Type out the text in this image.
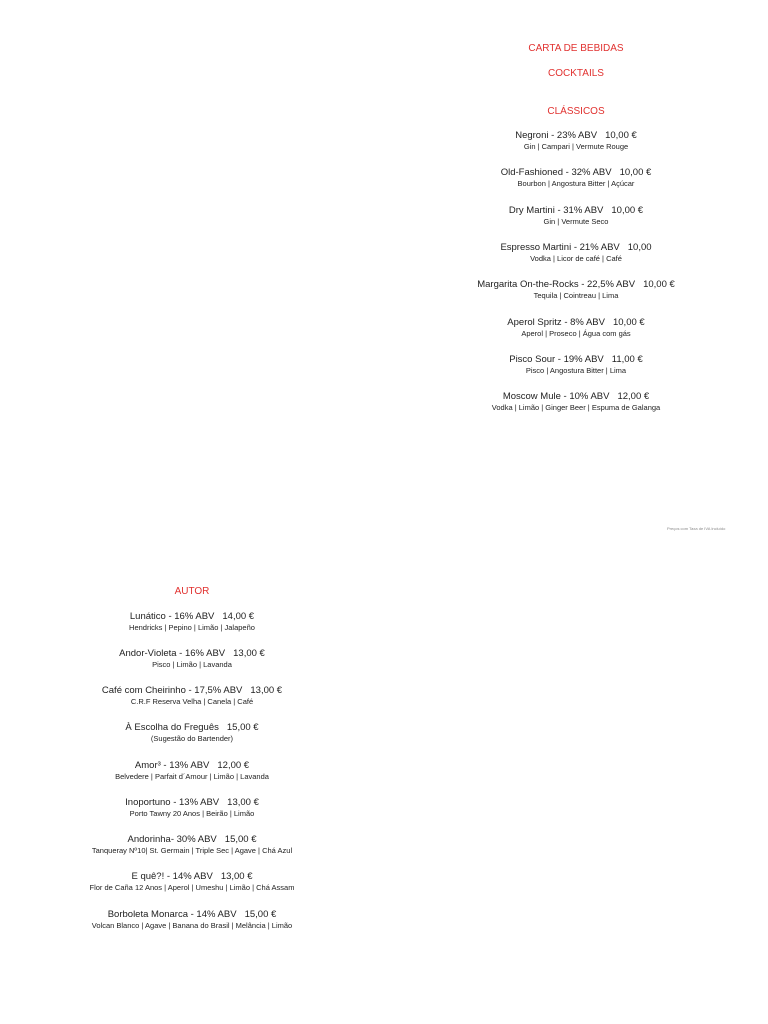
CARTA DE BEBIDAS
COCKTAILS
CLÁSSICOS
Negroni - 23% ABV 10,00 €
Gin | Campari | Vermute Rouge
Old-Fashioned - 32% ABV 10,00 €
Bourbon | Angostura Bitter | Açúcar
Dry Martini - 31% ABV 10,00 €
Gin | Vermute Seco
Espresso Martini - 21% ABV 10,00
Vodka | Licor de café | Café
Margarita On-the-Rocks - 22,5% ABV 10,00 €
Tequila | Cointreau | Lima
Aperol Spritz - 8% ABV 10,00 €
Aperol | Proseco | Água com gás
Pisco Sour - 19% ABV 11,00 €
Pisco | Angostura Bitter | Lima
Moscow Mule - 10% ABV 12,00 €
Vodka | Limão | Ginger Beer | Espuma de Galanga
Preços com Taxa de IVA Incluído
AUTOR
Lunático - 16% ABV 14,00 €
Hendricks | Pepino | Limão | Jalapeño
Andor-Violeta - 16% ABV 13,00 €
Pisco | Limão | Lavanda
Café com Cheirinho - 17,5% ABV 13,00 €
C.R.F Reserva Velha | Canela | Café
À Escolha do Freguês 15,00 €
(Sugestão do Bartender)
Amor³ - 13% ABV 12,00 €
Belvedere | Parfait d´Amour | Limão | Lavanda
Inoportuno - 13% ABV 13,00 €
Porto Tawny 20 Anos | Beirão | Limão
Andorinha- 30% ABV 15,00 €
Tanqueray Nº10| St. Germain | Triple Sec | Agave | Chá Azul
E quê?! - 14% ABV 13,00 €
Flor de Caña 12 Anos | Aperol | Umeshu | Limão | Chá Assam
Borboleta Monarca - 14% ABV 15,00 €
Volcan Blanco | Agave | Banana do Brasil | Melância | Limão
